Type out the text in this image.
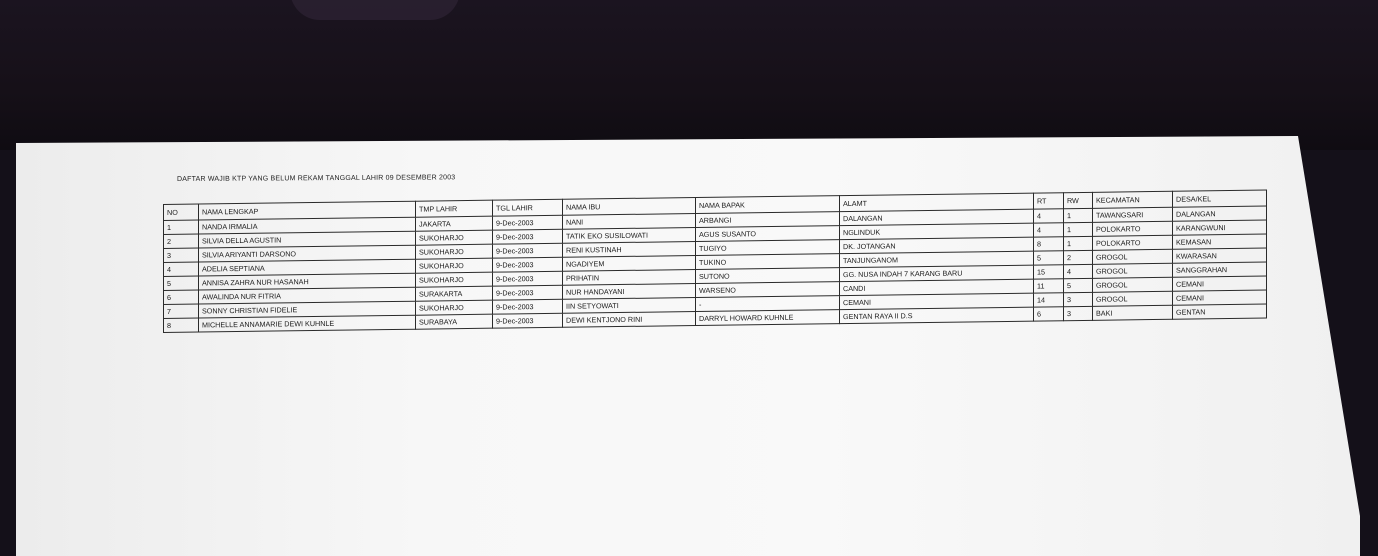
DAFTAR WAJIB KTP YANG BELUM REKAM TANGGAL LAHIR 09 DESEMBER 2003
NO	NAMA LENGKAP	TMP LAHIR	TGL LAHIR	NAMA IBU	NAMA BAPAK	ALAMT	RT	RW	KECAMATAN	DESA/KEL
1	NANDA IRMALIA	JAKARTA	9-Dec-2003	NANI	ARBANGI	DALANGAN	4	1	TAWANGSARI	DALANGAN
2	SILVIA DELLA AGUSTIN	SUKOHARJO	9-Dec-2003	TATIK EKO SUSILOWATI	AGUS SUSANTO	NGLINDUK	4	1	POLOKARTO	KARANGWUNI
3	SILVIA ARIYANTI DARSONO	SUKOHARJO	9-Dec-2003	RENI KUSTINAH	TUGIYO	DK. JOTANGAN	8	1	POLOKARTO	KEMASAN
4	ADELIA SEPTIANA	SUKOHARJO	9-Dec-2003	NGADIYEM	TUKINO	TANJUNGANOM	5	2	GROGOL	KWARASAN
5	ANNISA ZAHRA NUR HASANAH	SUKOHARJO	9-Dec-2003	PRIHATIN	SUTONO	GG. NUSA INDAH 7 KARANG BARU	15	4	GROGOL	SANGGRAHAN
6	AWALINDA NUR FITRIA	SURAKARTA	9-Dec-2003	NUR HANDAYANI	WARSENO	CANDI	11	5	GROGOL	CEMANI
7	SONNY CHRISTIAN FIDELIE	SUKOHARJO	9-Dec-2003	IIN SETYOWATI	-	CEMANI	14	3	GROGOL	CEMANI
8	MICHELLE ANNAMARIE DEWI KUHNLE	SURABAYA	9-Dec-2003	DEWI KENTJONO RINI	DARRYL HOWARD KUHNLE	GENTAN RAYA II D.S	6	3	BAKI	GENTAN
